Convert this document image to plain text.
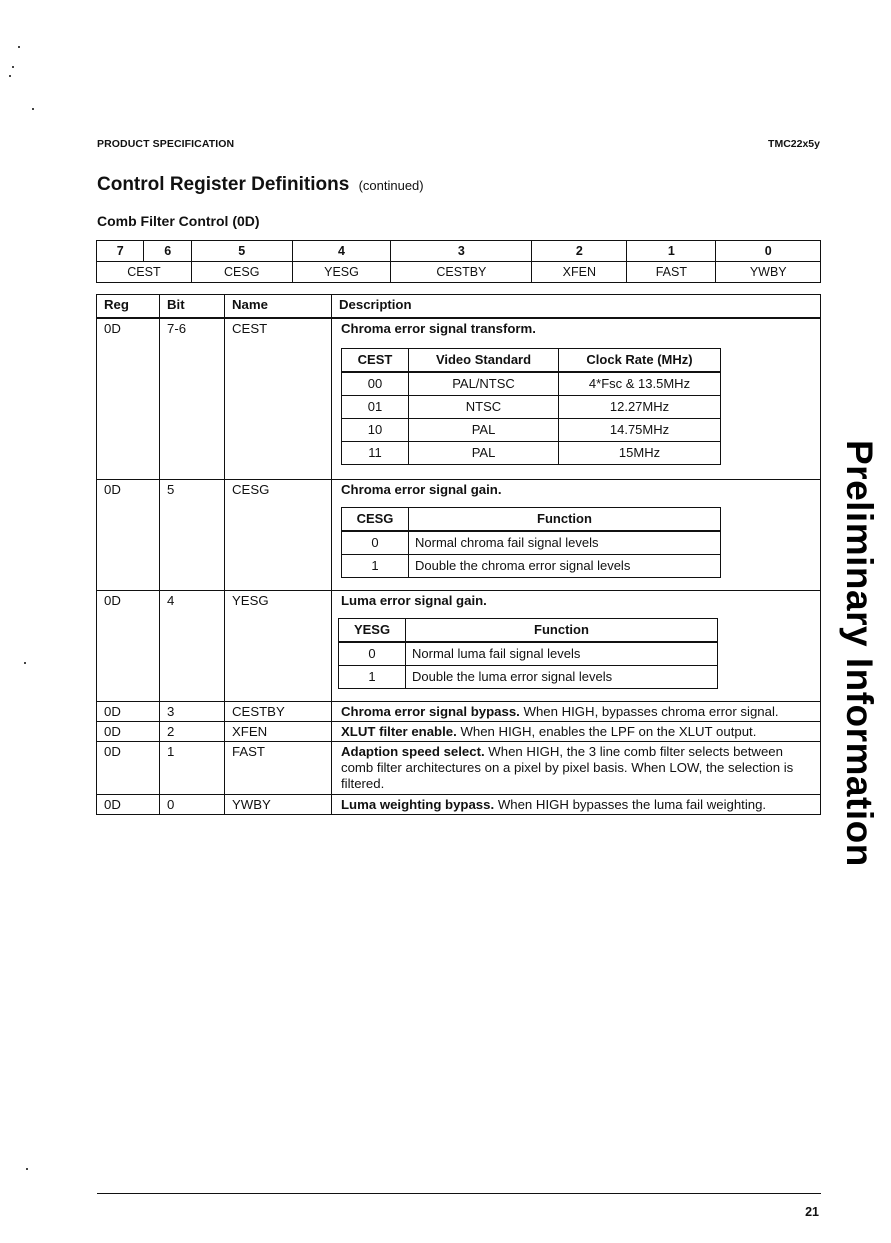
PRODUCT SPECIFICATION	TMC22x5y
Control Register Definitions (continued)
Comb Filter Control (0D)
7	6	5	4	3	2	1	0
CEST		CESG	YESG	CESTBY	XFEN	FAST	YWBY
Reg	Bit	Name	Description
0D	7-6	CEST	Chroma error signal transform.
CEST	Video Standard	Clock Rate (MHz)
00	PAL/NTSC	4*Fsc & 13.5MHz
01	NTSC	12.27MHz
10	PAL	14.75MHz
11	PAL	15MHz

0D	5	CESG	Chroma error signal gain.
CESG	Function
0	Normal chroma fail signal levels
1	Double the chroma error signal levels

0D	4	YESG	Luma error signal gain.
YESG	Function
0	Normal luma fail signal levels
1	Double the luma error signal levels

0D	3	CESTBY	Chroma error signal bypass. When HIGH, bypasses chroma error signal.
0D	2	XFEN	XLUT filter enable. When HIGH, enables the LPF on the XLUT output.
0D	1	FAST	Adaption speed select. When HIGH, the 3 line comb filter selects between comb filter architectures on a pixel by pixel basis. When LOW, the selection is filtered.
0D	0	YWBY	Luma weighting bypass. When HIGH bypasses the luma fail weighting. Preliminary Information
21
